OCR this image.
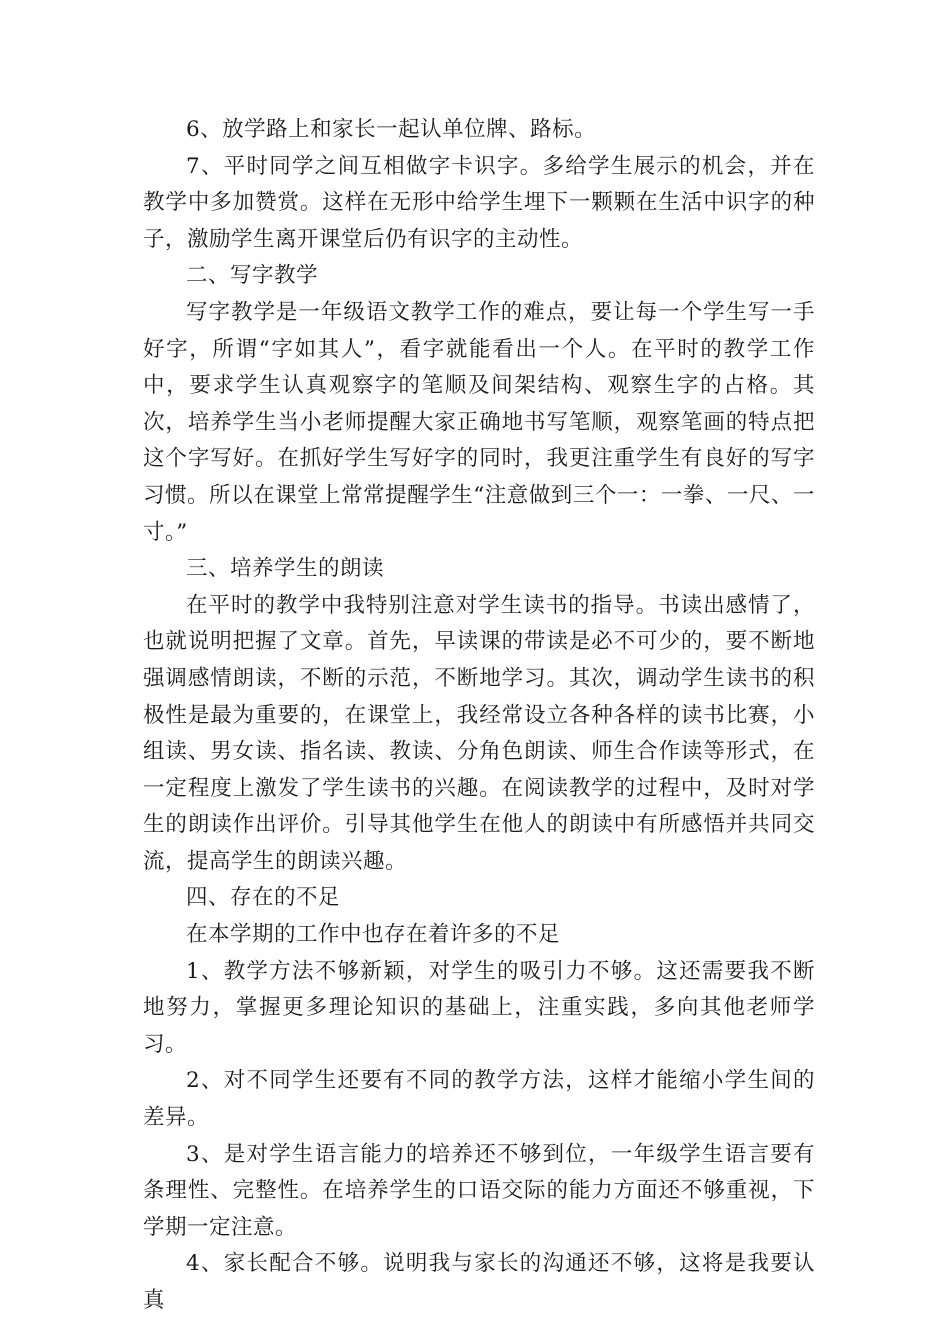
6、放学路上和家长一起认单位牌、路标。

7、平时同学之间互相做字卡识字。多给学生展示的机会，并在教学中多加赞赏。这样在无形中给学生埋下一颗颗在生活中识字的种子，激励学生离开课堂后仍有识字的主动性。

二、写字教学

写字教学是一年级语文教学工作的难点，要让每一个学生写一手好字，所谓“字如其人”，看字就能看出一个人。在平时的教学工作中，要求学生认真观察字的笔顺及间架结构、观察生字的占格。其次，培养学生当小老师提醒大家正确地书写笔顺，观察笔画的特点把这个字写好。在抓好学生写好字的同时，我更注重学生有良好的写字习惯。所以在课堂上常常提醒学生“注意做到三个一：一拳、一尺、一寸。”

三、培养学生的朗读

在平时的教学中我特别注意对学生读书的指导。书读出感情了，也就说明把握了文章。首先，早读课的带读是必不可少的，要不断地强调感情朗读，不断的示范，不断地学习。其次，调动学生读书的积极性是最为重要的，在课堂上，我经常设立各种各样的读书比赛，小组读、男女读、指名读、教读、分角色朗读、师生合作读等形式，在一定程度上激发了学生读书的兴趣。在阅读教学的过程中，及时对学生的朗读作出评价。引导其他学生在他人的朗读中有所感悟并共同交流，提高学生的朗读兴趣。

四、存在的不足

在本学期的工作中也存在着许多的不足

1、教学方法不够新颖，对学生的吸引力不够。这还需要我不断地努力，掌握更多理论知识的基础上，注重实践，多向其他老师学习。

2、对不同学生还要有不同的教学方法，这样才能缩小学生间的差异。

3、是对学生语言能力的培养还不够到位，一年级学生语言要有条理性、完整性。在培养学生的口语交际的能力方面还不够重视，下学期一定注意。

4、家长配合不够。说明我与家长的沟通还不够，这将是我要认真
